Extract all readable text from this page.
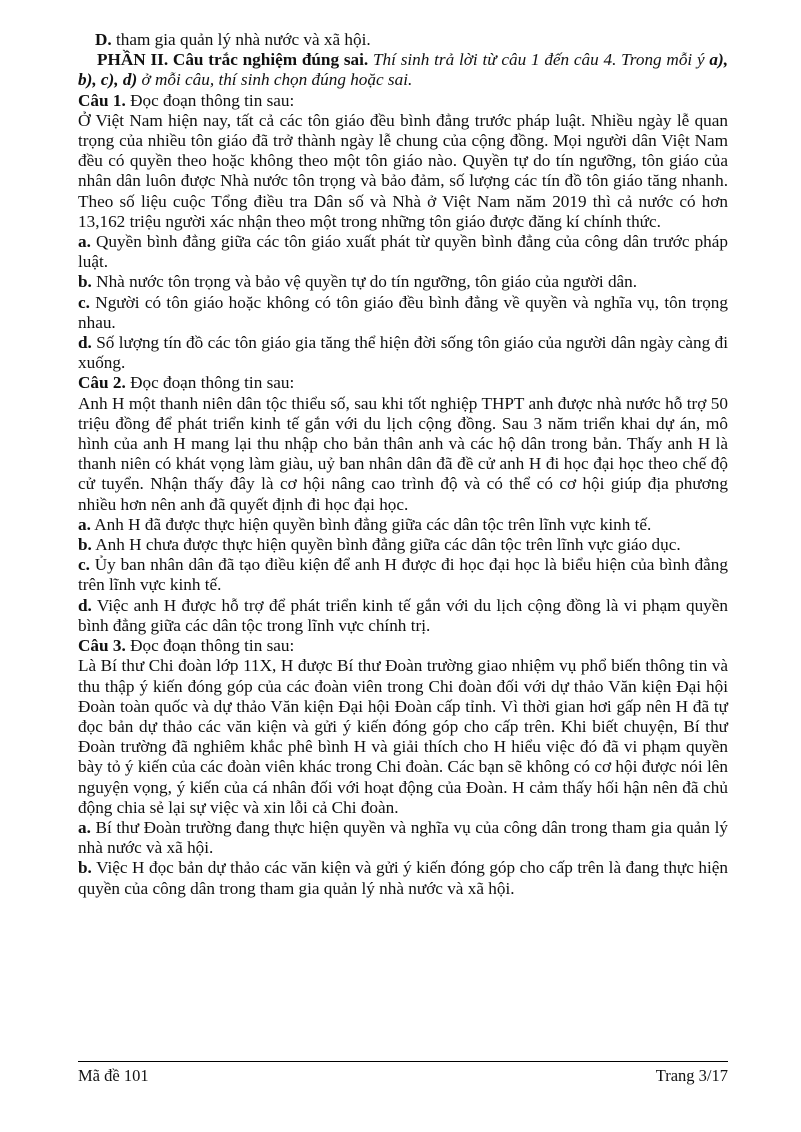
D. tham gia quản lý nhà nước và xã hội.

PHẦN II. Câu trắc nghiệm đúng sai. Thí sinh trả lời từ câu 1 đến câu 4. Trong mỗi ý a), b), c), d) ở mỗi câu, thí sinh chọn đúng hoặc sai.

Câu 1. Đọc đoạn thông tin sau:

Ở Việt Nam hiện nay, tất cả các tôn giáo đều bình đẳng trước pháp luật. Nhiều ngày lễ quan trọng của nhiều tôn giáo đã trở thành ngày lễ chung của cộng đồng. Mọi người dân Việt Nam đều có quyền theo hoặc không theo một tôn giáo nào. Quyền tự do tín ngưỡng, tôn giáo của nhân dân luôn được Nhà nước tôn trọng và bảo đảm, số lượng các tín đồ tôn giáo tăng nhanh. Theo số liệu cuộc Tổng điều tra Dân số và Nhà ở Việt Nam năm 2019 thì cả nước có hơn 13,162 triệu người xác nhận theo một trong những tôn giáo được đăng kí chính thức.

a. Quyền bình đẳng giữa các tôn giáo xuất phát từ quyền bình đẳng của công dân trước pháp luật.

b. Nhà nước tôn trọng và bảo vệ quyền tự do tín ngưỡng, tôn giáo của người dân.

c. Người có tôn giáo hoặc không có tôn giáo đều bình đẳng về quyền và nghĩa vụ, tôn trọng nhau.

d. Số lượng tín đồ các tôn giáo gia tăng thể hiện đời sống tôn giáo của người dân ngày càng đi xuống.

Câu 2. Đọc đoạn thông tin sau:

Anh H một thanh niên dân tộc thiểu số, sau khi tốt nghiệp THPT anh được nhà nước hỗ trợ 50 triệu đồng để phát triển kinh tế gắn với du lịch cộng đồng. Sau 3 năm triển khai dự án, mô hình của anh H mang lại thu nhập cho bản thân anh và các hộ dân trong bản. Thấy anh H là thanh niên có khát vọng làm giàu, uỷ ban nhân dân đã đề cử anh H đi học đại học theo chế độ cử tuyển. Nhận thấy đây là cơ hội nâng cao trình độ và có thể có cơ hội giúp địa phương nhiều hơn nên anh đã quyết định đi học đại học.

a. Anh H đã được thực hiện quyền bình đẳng giữa các dân tộc trên lĩnh vực kinh tế.

b. Anh H chưa được thực hiện quyền bình đẳng giữa các dân tộc trên lĩnh vực giáo dục.

c. Ủy ban nhân dân đã tạo điều kiện để anh H được đi học đại học là biểu hiện của bình đẳng trên lĩnh vực kinh tế.

d. Việc anh H được hỗ trợ để phát triển kinh tế gắn với du lịch cộng đồng là vi phạm quyền bình đẳng giữa các dân tộc trong lĩnh vực chính trị.

Câu 3. Đọc đoạn thông tin sau:

Là Bí thư Chi đoàn lớp 11X, H được Bí thư Đoàn trường giao nhiệm vụ phổ biến thông tin và thu thập ý kiến đóng góp của các đoàn viên trong Chi đoàn đối với dự thảo Văn kiện Đại hội Đoàn toàn quốc và dự thảo Văn kiện Đại hội Đoàn cấp tỉnh. Vì thời gian hơi gấp nên H đã tự đọc bản dự thảo các văn kiện và gửi ý kiến đóng góp cho cấp trên. Khi biết chuyện, Bí thư Đoàn trường đã nghiêm khắc phê bình H và giải thích cho H hiểu việc đó đã vi phạm quyền bày tỏ ý kiến của các đoàn viên khác trong Chi đoàn. Các bạn sẽ không có cơ hội được nói lên nguyện vọng, ý kiến của cá nhân đối với hoạt động của Đoàn. H cảm thấy hối hận nên đã chủ động chia sẻ lại sự việc và xin lỗi cả Chi đoàn.

a. Bí thư Đoàn trường đang thực hiện quyền và nghĩa vụ của công dân trong tham gia quản lý nhà nước và xã hội.

b. Việc H đọc bản dự thảo các văn kiện và gửi ý kiến đóng góp cho cấp trên là đang thực hiện quyền của công dân trong tham gia quản lý nhà nước và xã hội.

Mã đề 101	Trang 3/17
